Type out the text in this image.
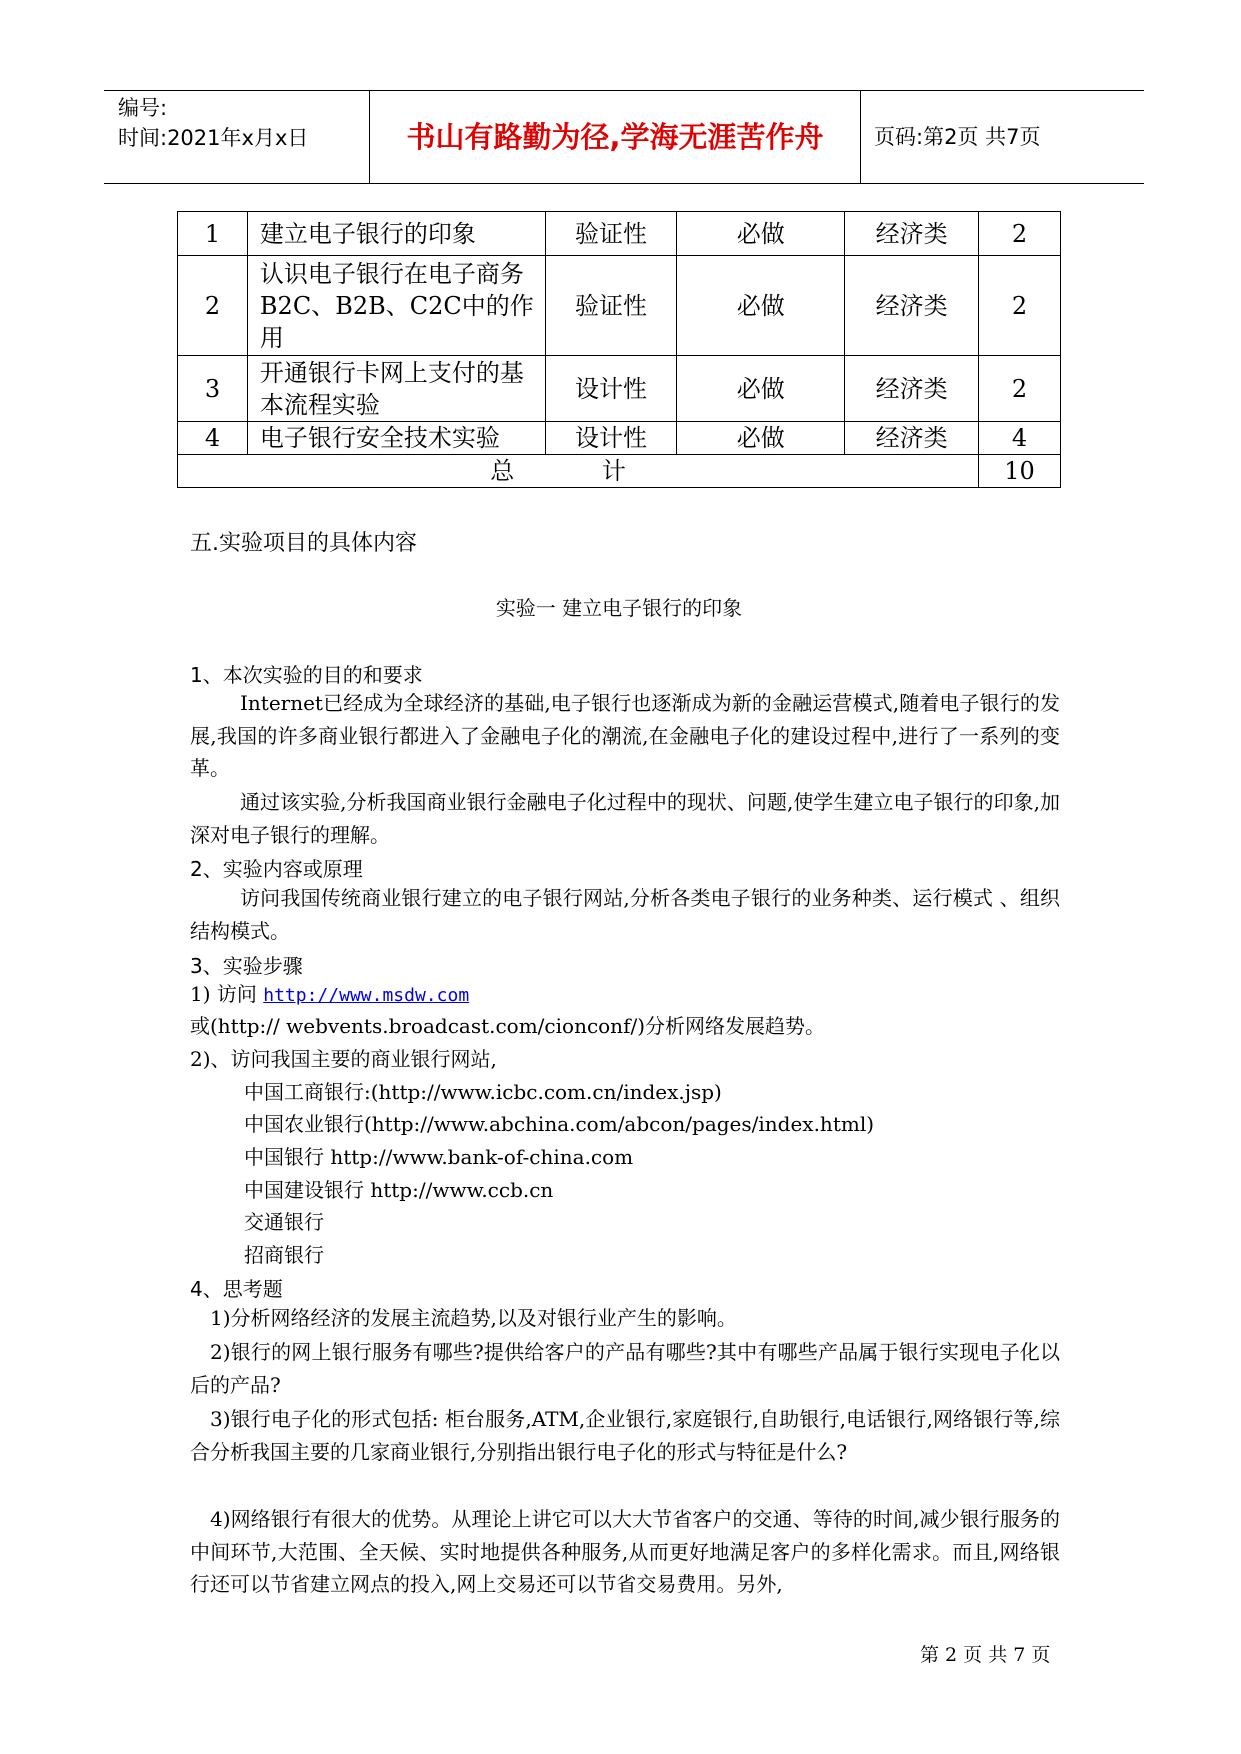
编号:
时间:2021年x月x日	书山有路勤为径,学海无涯苦作舟	页码:第2页 共7页
1	建立电子银行的印象	验证性	必做	经济类	2
2	认识电子银行在电子商务B2C、B2B、C2C中的作用	验证性	必做	经济类	2
3	开通银行卡网上支付的基本流程实验	设计性	必做	经济类	2
4	电子银行安全技术实验	设计性	必做	经济类	4
总 计					10
五.实验项目的具体内容
实验一 建立电子银行的印象
1、本次实验的目的和要求
Internet已经成为全球经济的基础,电子银行也逐渐成为新的金融运营模式,随着电子银行的发展,我国的许多商业银行都进入了金融电子化的潮流,在金融电子化的建设过程中,进行了一系列的变革。
通过该实验,分析我国商业银行金融电子化过程中的现状、问题,使学生建立电子银行的印象,加深对电子银行的理解。
2、实验内容或原理
访问我国传统商业银行建立的电子银行网站,分析各类电子银行的业务种类、运行模式 、组织结构模式。
3、实验步骤
1) 访问 http://www.msdw.com
或(http:// webvents.broadcast.com/cionconf/)分析网络发展趋势。
2)、访问我国主要的商业银行网站,
中国工商银行:(http://www.icbc.com.cn/index.jsp)
中国农业银行(http://www.abchina.com/abcon/pages/index.html)
中国银行 http://www.bank-of-china.com
中国建设银行 http://www.ccb.cn
交通银行
招商银行
4、思考题
1)分析网络经济的发展主流趋势,以及对银行业产生的影响。
2)银行的网上银行服务有哪些?提供给客户的产品有哪些?其中有哪些产品属于银行实现电子化以后的产品?
3)银行电子化的形式包括: 柜台服务,ATM,企业银行,家庭银行,自助银行,电话银行,网络银行等,综合分析我国主要的几家商业银行,分别指出银行电子化的形式与特征是什么?
4)网络银行有很大的优势。从理论上讲它可以大大节省客户的交通、等待的时间,减少银行服务的中间环节,大范围、全天候、实时地提供各种服务,从而更好地满足客户的多样化需求。而且,网络银行还可以节省建立网点的投入,网上交易还可以节省交易费用。另外,
第 2 页 共 7 页
